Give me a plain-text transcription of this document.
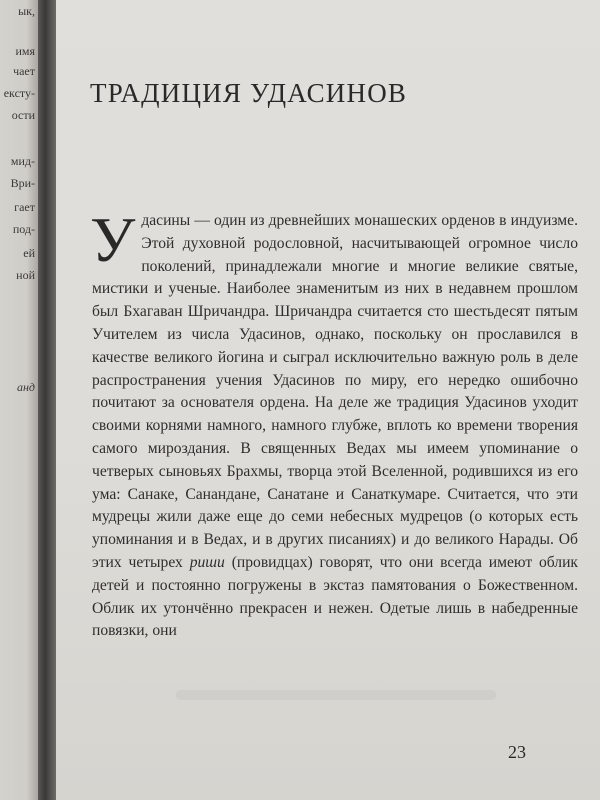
ык,
имя
чает
ексту-
ости
мид-
Ври-
гает
под-
ей
ной
анд
ТРАДИЦИЯ УДАСИНОВ

Удасины — один из древнейших монашеских орденов в индуизме. Этой духовной родословной, насчитывающей огромное число поколений, принадлежали многие и многие великие святые, мистики и ученые. Наиболее знаменитым из них в недавнем прошлом был Бхагаван Шричандра. Шричандра считается сто шестьдесят пятым Учителем из числа Удасинов, однако, поскольку он прославился в качестве великого йогина и сыграл исключительно важную роль в деле распространения учения Удасинов по миру, его нередко ошибочно почитают за основателя ордена. На деле же традиция Удасинов уходит своими корнями намного, намного глубже, вплоть ко времени творения самого мироздания. В священных Ведах мы имеем упоминание о четверых сыновьях Брахмы, творца этой Вселенной, родившихся из его ума: Санаке, Санандане, Санатане и Санаткумаре. Считается, что эти мудрецы жили даже еще до семи небесных мудрецов (о которых есть упоминания и в Ведах, и в других писаниях) и до великого Нарады. Об этих четырех риши (провидцах) говорят, что они всегда имеют облик детей и постоянно погружены в экстаз памятования о Божественном. Облик их утончённо прекрасен и нежен. Одетые лишь в набедренные повязки, они

23
